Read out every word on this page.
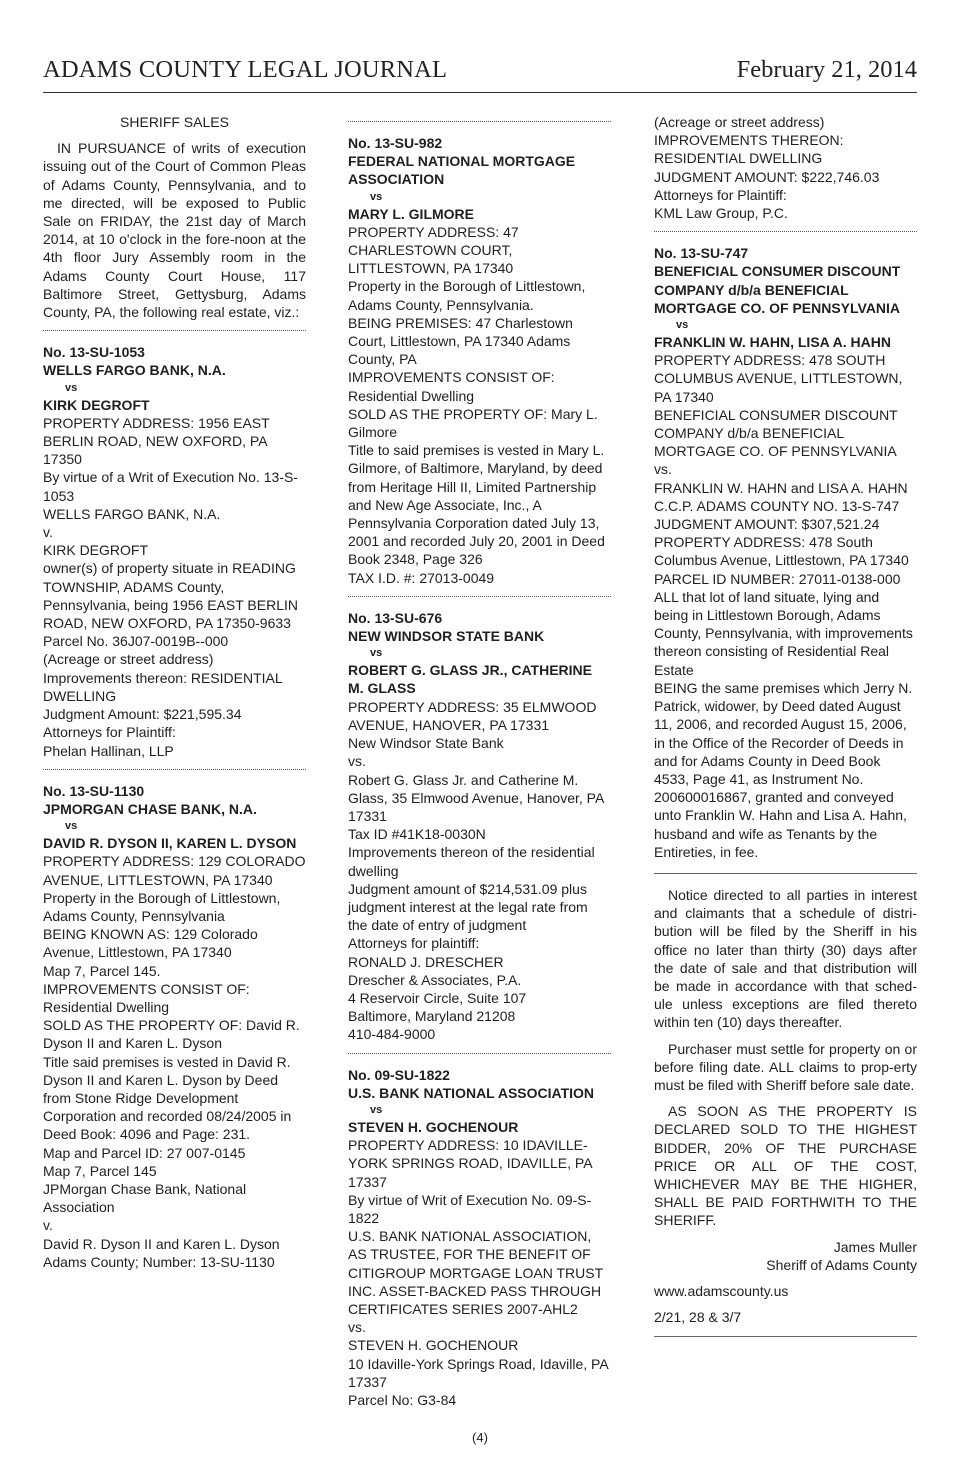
ADAMS COUNTY LEGAL JOURNAL	February 21, 2014

SHERIFF SALES

IN PURSUANCE of writs of execution issuing out of the Court of Common Pleas of Adams County, Pennsylvania, and to me directed, will be exposed to Public Sale on FRIDAY, the 21st day of March 2014, at 10 o'clock in the fore-noon at the 4th floor Jury Assembly room in the Adams County Court House, 117 Baltimore Street, Gettysburg, Adams County, PA, the following real estate, viz.:

No. 13-SU-1053

WELLS FARGO BANK, N.A.

vs

KIRK DEGROFT

PROPERTY ADDRESS: 1956 EAST BERLIN ROAD, NEW OXFORD, PA 17350

By virtue of a Writ of Execution No. 13-S-1053

WELLS FARGO BANK, N.A.

v.

KIRK DEGROFT

owner(s) of property situate in READING TOWNSHIP, ADAMS County, Pennsylvania, being 1956 EAST BERLIN ROAD, NEW OXFORD, PA 17350-9633

Parcel No. 36J07-0019B--000

(Acreage or street address)

Improvements thereon: RESIDENTIAL DWELLING

Judgment Amount: $221,595.34

Attorneys for Plaintiff:

Phelan Hallinan, LLP

No. 13-SU-1130

JPMORGAN CHASE BANK, N.A.

vs

DAVID R. DYSON II, KAREN L. DYSON

PROPERTY ADDRESS: 129 COLORADO AVENUE, LITTLESTOWN, PA 17340

Property in the Borough of Littlestown, Adams County, Pennsylvania

BEING KNOWN AS: 129 Colorado Avenue, Littlestown, PA 17340

Map 7, Parcel 145.

IMPROVEMENTS CONSIST OF: Residential Dwelling

SOLD AS THE PROPERTY OF: David R. Dyson II and Karen L. Dyson

Title said premises is vested in David R. Dyson II and Karen L. Dyson by Deed from Stone Ridge Development Corporation and recorded 08/24/2005 in Deed Book: 4096 and Page: 231.

Map and Parcel ID: 27 007-0145

Map 7, Parcel 145

JPMorgan Chase Bank, National Association

v.

David R. Dyson II and Karen L. Dyson

Adams County; Number: 13-SU-1130

No. 13-SU-982

FEDERAL NATIONAL MORTGAGE ASSOCIATION

vs

MARY L. GILMORE

PROPERTY ADDRESS: 47 CHARLESTOWN COURT, LITTLESTOWN, PA 17340

Property in the Borough of Littlestown, Adams County, Pennsylvania.

BEING PREMISES: 47 Charlestown Court, Littlestown, PA 17340 Adams County, PA

IMPROVEMENTS CONSIST OF: Residential Dwelling

SOLD AS THE PROPERTY OF: Mary L. Gilmore

Title to said premises is vested in Mary L. Gilmore, of Baltimore, Maryland, by deed from Heritage Hill II, Limited Partnership and New Age Associate, Inc., A Pennsylvania Corporation dated July 13, 2001 and recorded July 20, 2001 in Deed Book 2348, Page 326

TAX I.D. #: 27013-0049

No. 13-SU-676

NEW WINDSOR STATE BANK

vs

ROBERT G. GLASS JR., CATHERINE M. GLASS

PROPERTY ADDRESS: 35 ELMWOOD AVENUE, HANOVER, PA 17331

New Windsor State Bank

vs.

Robert G. Glass Jr. and Catherine M. Glass, 35 Elmwood Avenue, Hanover, PA 17331

Tax ID #41K18-0030N

Improvements thereon of the residential dwelling

Judgment amount of $214,531.09 plus judgment interest at the legal rate from the date of entry of judgment

Attorneys for plaintiff:

RONALD J. DRESCHER

Drescher & Associates, P.A.

4 Reservoir Circle, Suite 107

Baltimore, Maryland 21208

410-484-9000

No. 09-SU-1822

U.S. BANK NATIONAL ASSOCIATION

vs

STEVEN H. GOCHENOUR

PROPERTY ADDRESS: 10 IDAVILLE-YORK SPRINGS ROAD, IDAVILLE, PA 17337

By virtue of Writ of Execution No. 09-S-1822

U.S. BANK NATIONAL ASSOCIATION, AS TRUSTEE, FOR THE BENEFIT OF CITIGROUP MORTGAGE LOAN TRUST INC. ASSET-BACKED PASS THROUGH CERTIFICATES SERIES 2007-AHL2

vs.

STEVEN H. GOCHENOUR

10 Idaville-York Springs Road, Idaville, PA 17337

Parcel No: G3-84

(Acreage or street address)

IMPROVEMENTS THEREON: RESIDENTIAL DWELLING

JUDGMENT AMOUNT: $222,746.03

Attorneys for Plaintiff:

KML Law Group, P.C.

No. 13-SU-747

BENEFICIAL CONSUMER DISCOUNT COMPANY d/b/a BENEFICIAL MORTGAGE CO. OF PENNSYLVANIA

vs

FRANKLIN W. HAHN, LISA A. HAHN

PROPERTY ADDRESS: 478 SOUTH COLUMBUS AVENUE, LITTLESTOWN, PA 17340

BENEFICIAL CONSUMER DISCOUNT COMPANY d/b/a BENEFICIAL MORTGAGE CO. OF PENNSYLVANIA

vs.

FRANKLIN W. HAHN and LISA A. HAHN

C.C.P. ADAMS COUNTY NO. 13-S-747

JUDGMENT AMOUNT: $307,521.24

PROPERTY ADDRESS: 478 South Columbus Avenue, Littlestown, PA 17340

PARCEL ID NUMBER: 27011-0138-000

ALL that lot of land situate, lying and being in Littlestown Borough, Adams County, Pennsylvania, with improvements thereon consisting of Residential Real Estate

BEING the same premises which Jerry N. Patrick, widower, by Deed dated August 11, 2006, and recorded August 15, 2006, in the Office of the Recorder of Deeds in and for Adams County in Deed Book 4533, Page 41, as Instrument No. 200600016867, granted and conveyed unto Franklin W. Hahn and Lisa A. Hahn, husband and wife as Tenants by the Entireties, in fee.

Notice directed to all parties in interest and claimants that a schedule of distri-bution will be filed by the Sheriff in his office no later than thirty (30) days after the date of sale and that distribution will be made in accordance with that sched-ule unless exceptions are filed thereto within ten (10) days thereafter.

Purchaser must settle for property on or before filing date. ALL claims to prop-erty must be filed with Sheriff before sale date.

AS SOON AS THE PROPERTY IS DECLARED SOLD TO THE HIGHEST BIDDER, 20% OF THE PURCHASE PRICE OR ALL OF THE COST, WHICHEVER MAY BE THE HIGHER, SHALL BE PAID FORTHWITH TO THE SHERIFF.

James Muller

Sheriff of Adams County

www.adamscounty.us

2/21, 28 & 3/7

(4)
